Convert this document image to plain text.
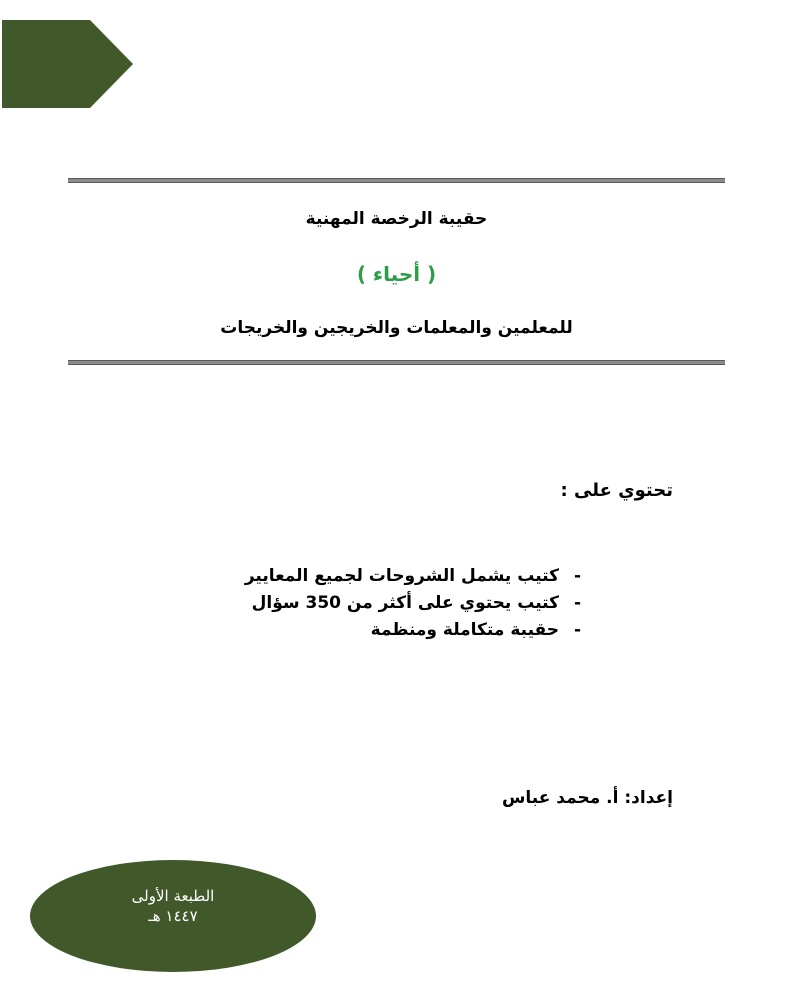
حقيبة الرخصة المهنية
( أحياء )
للمعلمين والمعلمات والخريجين والخريجات
تحتوي على :
-كتيب يشمل الشروحات لجميع المعايير
-كتيب يحتوي على أكثر من 350 سؤال
-حقيبة متكاملة ومنظمة
إعداد: أ. محمد عباس
الطبعة الأولى
١٤٤٧ هـ
